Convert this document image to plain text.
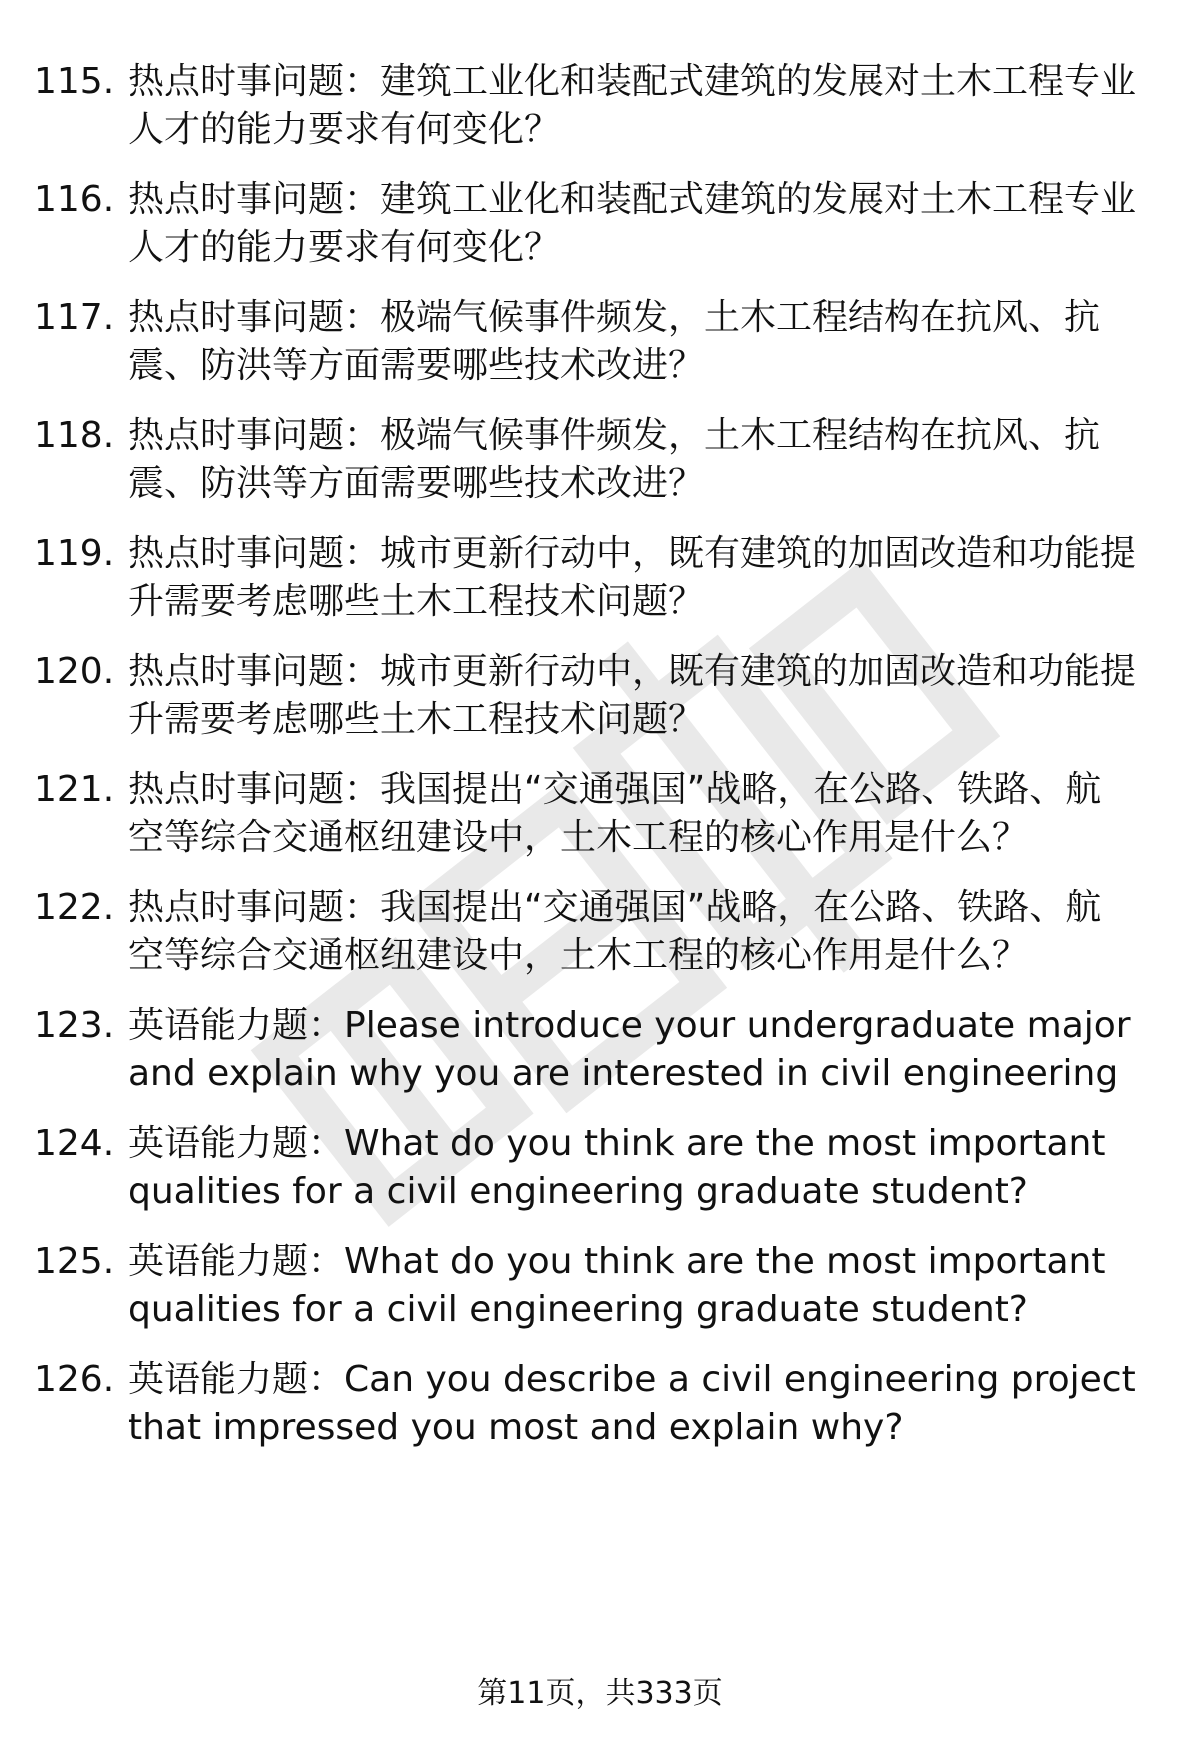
115. 热点时事问题：建筑工业化和装配式建筑的发展对土木工程专业
人才的能力要求有何变化？
116. 热点时事问题：建筑工业化和装配式建筑的发展对土木工程专业
人才的能力要求有何变化？
117. 热点时事问题：极端气候事件频发，土木工程结构在抗风、抗
震、防洪等方面需要哪些技术改进？
118. 热点时事问题：极端气候事件频发，土木工程结构在抗风、抗
震、防洪等方面需要哪些技术改进？
119. 热点时事问题：城市更新行动中，既有建筑的加固改造和功能提
升需要考虑哪些土木工程技术问题？
120. 热点时事问题：城市更新行动中，既有建筑的加固改造和功能提
升需要考虑哪些土木工程技术问题？
121. 热点时事问题：我国提出“交通强国”战略，在公路、铁路、航
空等综合交通枢纽建设中，土木工程的核心作用是什么？
122. 热点时事问题：我国提出“交通强国”战略，在公路、铁路、航
空等综合交通枢纽建设中，土木工程的核心作用是什么？
123. 英语能力题：Please introduce your undergraduate major
and explain why you are interested in civil engineering
124. 英语能力题：What do you think are the most important
qualities for a civil engineering graduate student?
125. 英语能力题：What do you think are the most important
qualities for a civil engineering graduate student?
126. 英语能力题：Can you describe a civil engineering project
that impressed you most and explain why?
第11页，共333页
